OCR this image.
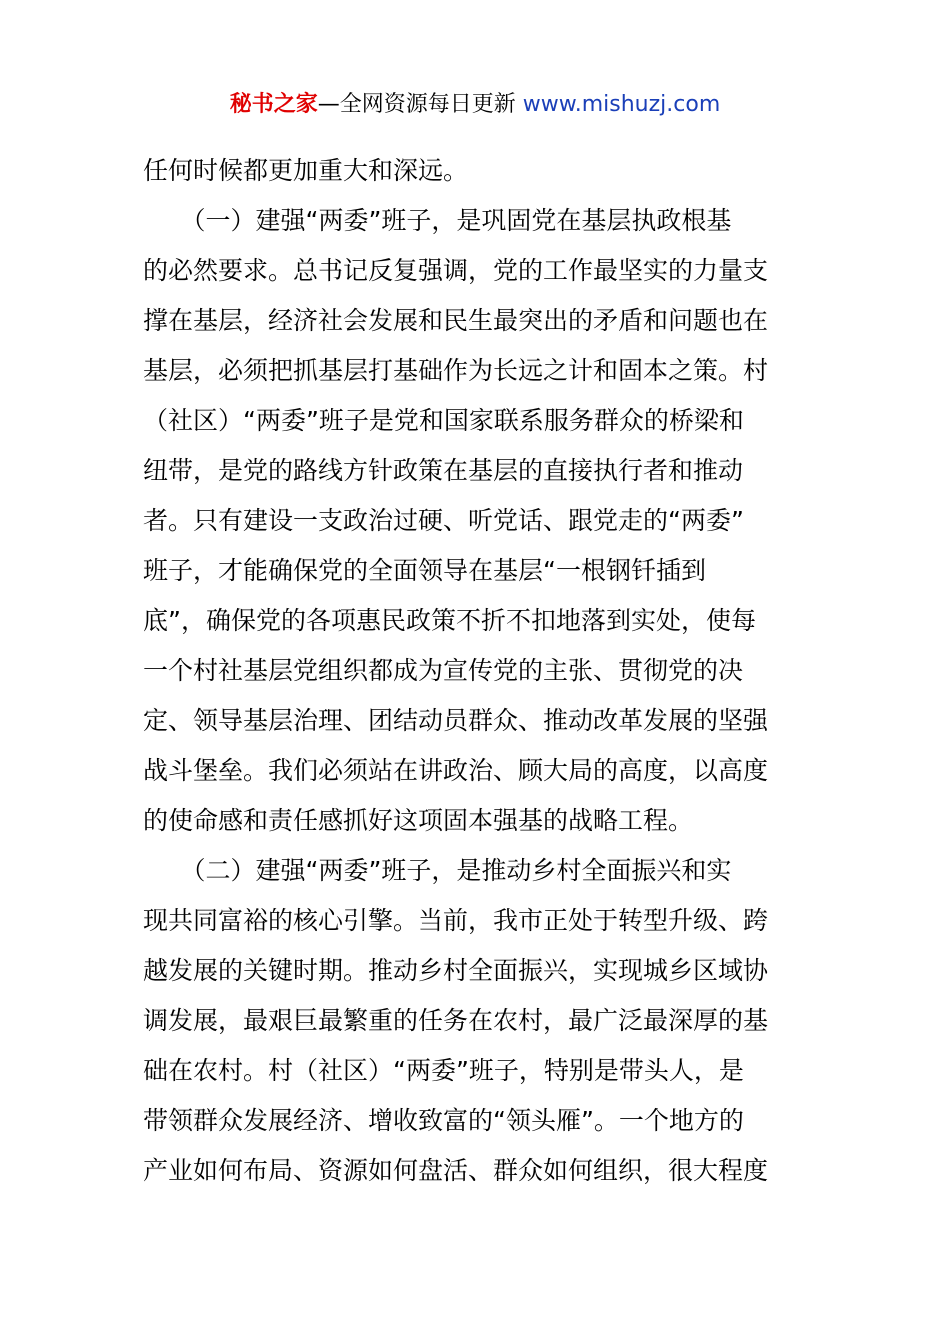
秘书之家—全网资源每日更新 www.mishuzj.com
任何时候都更加重大和深远。
　　（一）建强“两委”班子，是巩固党在基层执政根基
的必然要求。总书记反复强调，党的工作最坚实的力量支
撑在基层，经济社会发展和民生最突出的矛盾和问题也在
基层，必须把抓基层打基础作为长远之计和固本之策。村
（社区）“两委”班子是党和国家联系服务群众的桥梁和
纽带，是党的路线方针政策在基层的直接执行者和推动
者。只有建设一支政治过硬、听党话、跟党走的“两委”
班子，才能确保党的全面领导在基层“一根钢钎插到
底”，确保党的各项惠民政策不折不扣地落到实处，使每
一个村社基层党组织都成为宣传党的主张、贯彻党的决
定、领导基层治理、团结动员群众、推动改革发展的坚强
战斗堡垒。我们必须站在讲政治、顾大局的高度，以高度
的使命感和责任感抓好这项固本强基的战略工程。
　　（二）建强“两委”班子，是推动乡村全面振兴和实
现共同富裕的核心引擎。当前，我市正处于转型升级、跨
越发展的关键时期。推动乡村全面振兴，实现城乡区域协
调发展，最艰巨最繁重的任务在农村，最广泛最深厚的基
础在农村。村（社区）“两委”班子，特别是带头人，是
带领群众发展经济、增收致富的“领头雁”。一个地方的
产业如何布局、资源如何盘活、群众如何组织，很大程度
